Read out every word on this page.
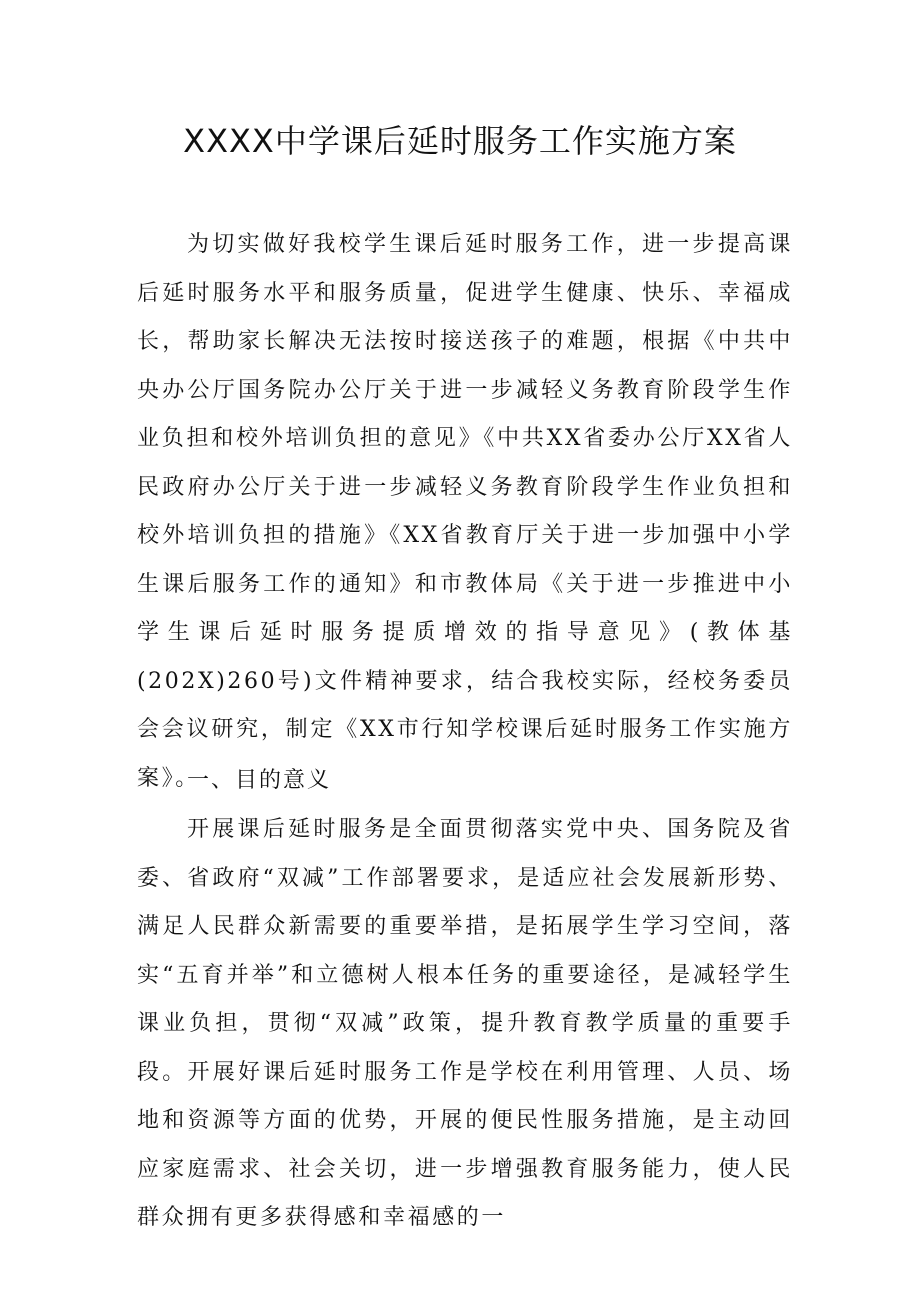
XXXX中学课后延时服务工作实施方案

为切实做好我校学生课后延时服务工作，进一步提高课后延时服务水平和服务质量，促进学生健康、快乐、幸福成长，帮助家长解决无法按时接送孩子的难题，根据《中共中央办公厅国务院办公厅关于进一步减轻义务教育阶段学生作业负担和校外培训负担的意见》《中共XX省委办公厅XX省人民政府办公厅关于进一步减轻义务教育阶段学生作业负担和校外培训负担的措施》《XX省教育厅关于进一步加强中小学生课后服务工作的通知》和市教体局《关于进一步推进中小学生课后延时服务提质增效的指导意见》(教体基(202X)260号)文件精神要求，结合我校实际，经校务委员会会议研究，制定《XX市行知学校课后延时服务工作实施方案》。

一、目的意义

开展课后延时服务是全面贯彻落实党中央、国务院及省委、省政府“双减”工作部署要求，是适应社会发展新形势、满足人民群众新需要的重要举措，是拓展学生学习空间，落实“五育并举”和立德树人根本任务的重要途径，是减轻学生课业负担，贯彻“双减”政策，提升教育教学质量的重要手段。开展好课后延时服务工作是学校在利用管理、人员、场地和资源等方面的优势，开展的便民性服务措施，是主动回应家庭需求、社会关切，进一步增强教育服务能力，使人民群众拥有更多获得感和幸福感的一
